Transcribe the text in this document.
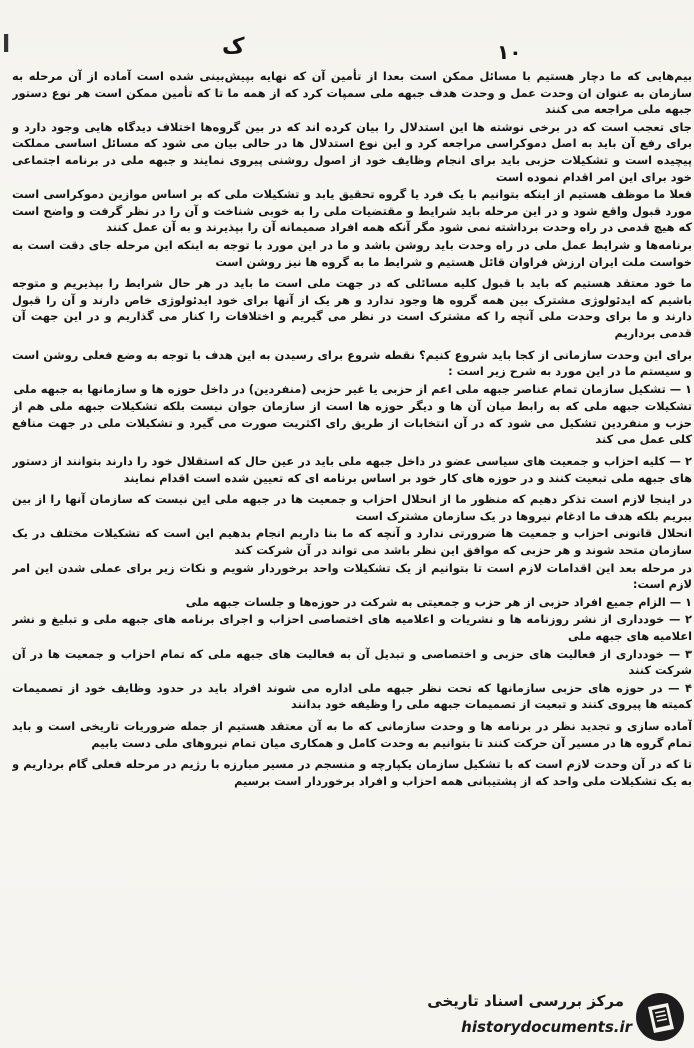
ا	ک	۱۰

بیم‌هایی که ما دچار هستیم با مسائل ممکن است بعدا از تأمین آن که نهایه بپیش‌بینی شده است آماده از آن مرحله به سازمان به عنوان ان وحدت عمل و وحدت هدف جبهه ملی سمپات کرد که از همه ما تا که تأمین ممکن است هر نوع دستور جبهه ملی مراجعه می کنند

جای تعجب است که در برخی نوشته ها این استدلال را بیان کرده اند که در بین گروه‌ها اختلاف دیدگاه هایی وجود دارد و برای رفع آن باید به اصل دموکراسی مراجعه کرد و این نوع استدلال ها در حالی بیان می شود که مسائل اساسی مملکت پیچیده است و تشکیلات حزبی باید برای انجام وظایف خود از اصول روشنی پیروی نمایند و جبهه ملی در برنامه اجتماعی خود برای این امر اقدام نموده است

فعلا ما موظف هستیم از اینکه بتوانیم با یک فرد یا گروه تحقیق یابد و تشکیلات ملی که بر اساس موازین دموکراسی است مورد قبول واقع شود و در این مرحله باید شرایط و مقتضیات ملی را به خوبی شناخت و آن را در نظر گرفت و واضح است که هیچ قدمی در راه وحدت برداشته نمی شود مگر آنکه همه افراد صمیمانه آن را بپذیرند و به آن عمل کنند

برنامه‌ها و شرایط عمل ملی در راه وحدت باید روشن باشد و ما در این مورد با توجه به اینکه این مرحله جای دقت است به خواست ملت ایران ارزش فراوان قائل هستیم و شرایط ما به گروه ها نیز روشن است

ما خود معتقد هستیم که باید با قبول کلیه مسائلی که در جهت ملی است ما باید در هر حال شرایط را بپذیریم و متوجه باشیم که ایدئولوژی مشترک بین همه گروه ها وجود ندارد و هر یک از آنها برای خود ایدئولوژی خاص دارند و آن را قبول دارند و ما برای وحدت ملی آنچه را که مشترک است در نظر می گیریم و اختلافات را کنار می گذاریم و در این جهت آن قدمی برداریم

برای این وحدت سازمانی از کجا باید شروع کنیم؟ نقطه شروع برای رسیدن به این هدف با توجه به وضع فعلی روشن است و سیستم ما در این مورد به شرح زیر است :

۱ — تشکیل سازمان تمام عناصر جبهه ملی اعم از حزبی یا غیر حزبی (منفردین) در داخل حوزه ها و سازمانها به جبهه ملی

تشکیلات جبهه ملی که به رابط میان آن ها و دیگر حوزه ها است از سازمان جوان نیست بلکه تشکیلات جبهه ملی هم از حزب و منفردین تشکیل می شود که در آن انتخابات از طریق رای اکثریت صورت می گیرد و تشکیلات ملی در جهت منافع کلی عمل می کند

۲ — کلیه احزاب و جمعیت های سیاسی عضو در داخل جبهه ملی باید در عین حال که استقلال خود را دارند بتوانند از دستور های جبهه ملی تبعیت کنند و در حوزه های کار خود بر اساس برنامه ای که تعیین شده است اقدام نمایند

در اینجا لازم است تذکر دهیم که منظور ما از انحلال احزاب و جمعیت ها در جبهه ملی این نیست که سازمان آنها را از بین ببریم بلکه هدف ما ادغام نیروها در یک سازمان مشترک است

انحلال قانونی احزاب و جمعیت ها ضرورتی ندارد و آنچه که ما بنا داریم انجام بدهیم این است که تشکیلات مختلف در یک سازمان متحد شوند و هر حزبی که موافق این نظر باشد می تواند در آن شرکت کند

در مرحله بعد این اقدامات لازم است تا بتوانیم از یک تشکیلات واحد برخوردار شویم و نکات زیر برای عملی شدن این امر لازم است:

۱ — الزام جمیع افراد حزبی از هر حزب و جمعیتی به شرکت در حوزه‌ها و جلسات جبهه ملی

۲ — خودداری از نشر روزنامه ها و نشریات و اعلامیه های اختصاصی احزاب و اجرای برنامه های جبهه ملی و تبلیغ و نشر اعلامیه های جبهه ملی

۳ — خودداری از فعالیت های حزبی و اختصاصی و تبدیل آن به فعالیت های جبهه ملی که تمام احزاب و جمعیت ها در آن شرکت کنند

۴ — در حوزه های حزبی سازمانها که تحت نظر جبهه ملی اداره می شوند افراد باید در حدود وظایف خود از تصمیمات کمیته ها پیروی کنند و تبعیت از تصمیمات جبهه ملی را وظیفه خود بدانند

آماده سازی و تجدید نظر در برنامه ها و وحدت سازمانی که ما به آن معتقد هستیم از جمله ضروریات تاریخی است و باید تمام گروه ها در مسیر آن حرکت کنند تا بتوانیم به وحدت کامل و همکاری میان تمام نیروهای ملی دست یابیم

تا که در آن وحدت لازم است که با تشکیل سازمان یکپارچه و منسجم در مسیر مبارزه با رژیم در مرحله فعلی گام برداریم و به یک تشکیلات ملی واحد که از پشتیبانی همه احزاب و افراد برخوردار است برسیم

مرکز بررسی اسناد تاریخی
historydocuments.ir
